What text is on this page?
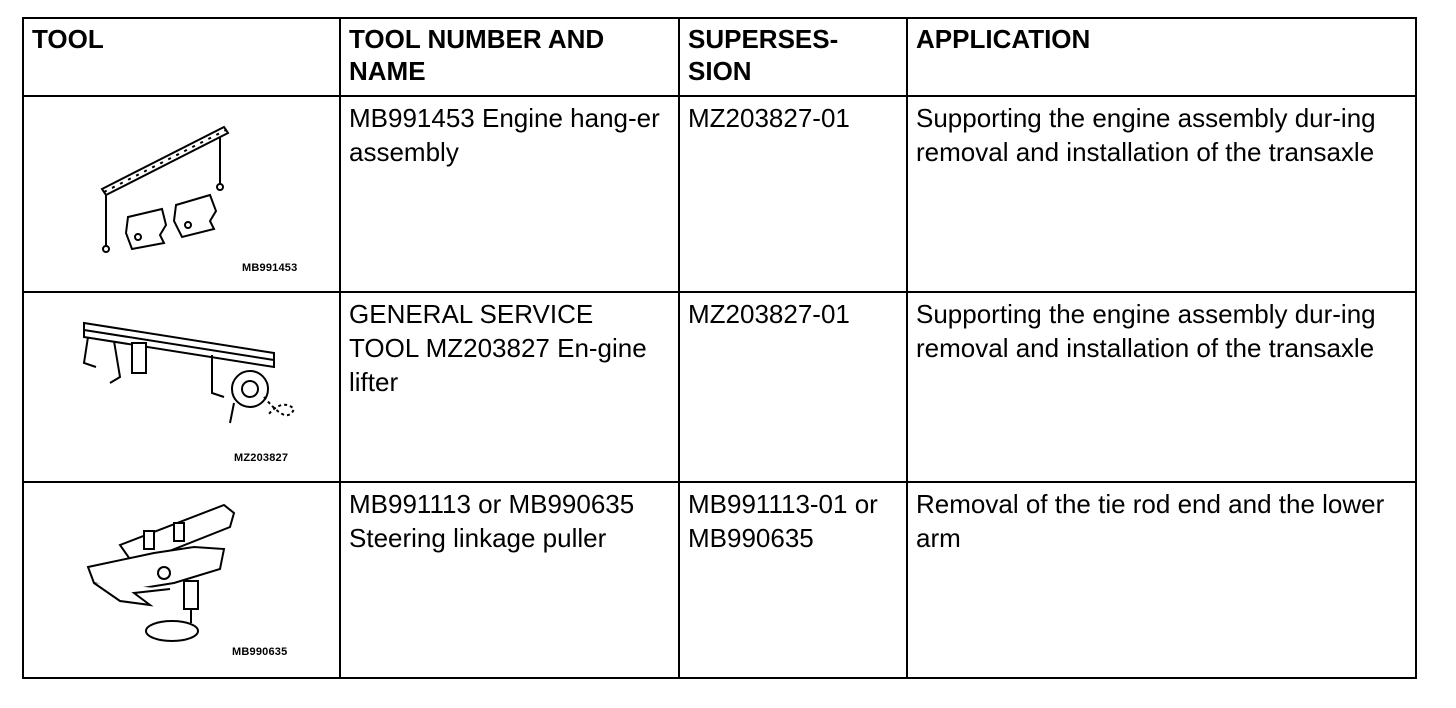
TOOL	TOOL NUMBER AND NAME	SUPERSES-SION	APPLICATION

MB991453	MB991453 Engine hang-er assembly	MZ203827-01	Supporting the engine assembly dur-ing removal and installation of the transaxle

MZ203827	GENERAL SERVICE TOOL MZ203827 En-gine lifter	MZ203827-01	Supporting the engine assembly dur-ing removal and installation of the transaxle

MB990635	MB991113 or MB990635 Steering linkage puller	MB991113-01 or MB990635	Removal of the tie rod end and the lower arm
